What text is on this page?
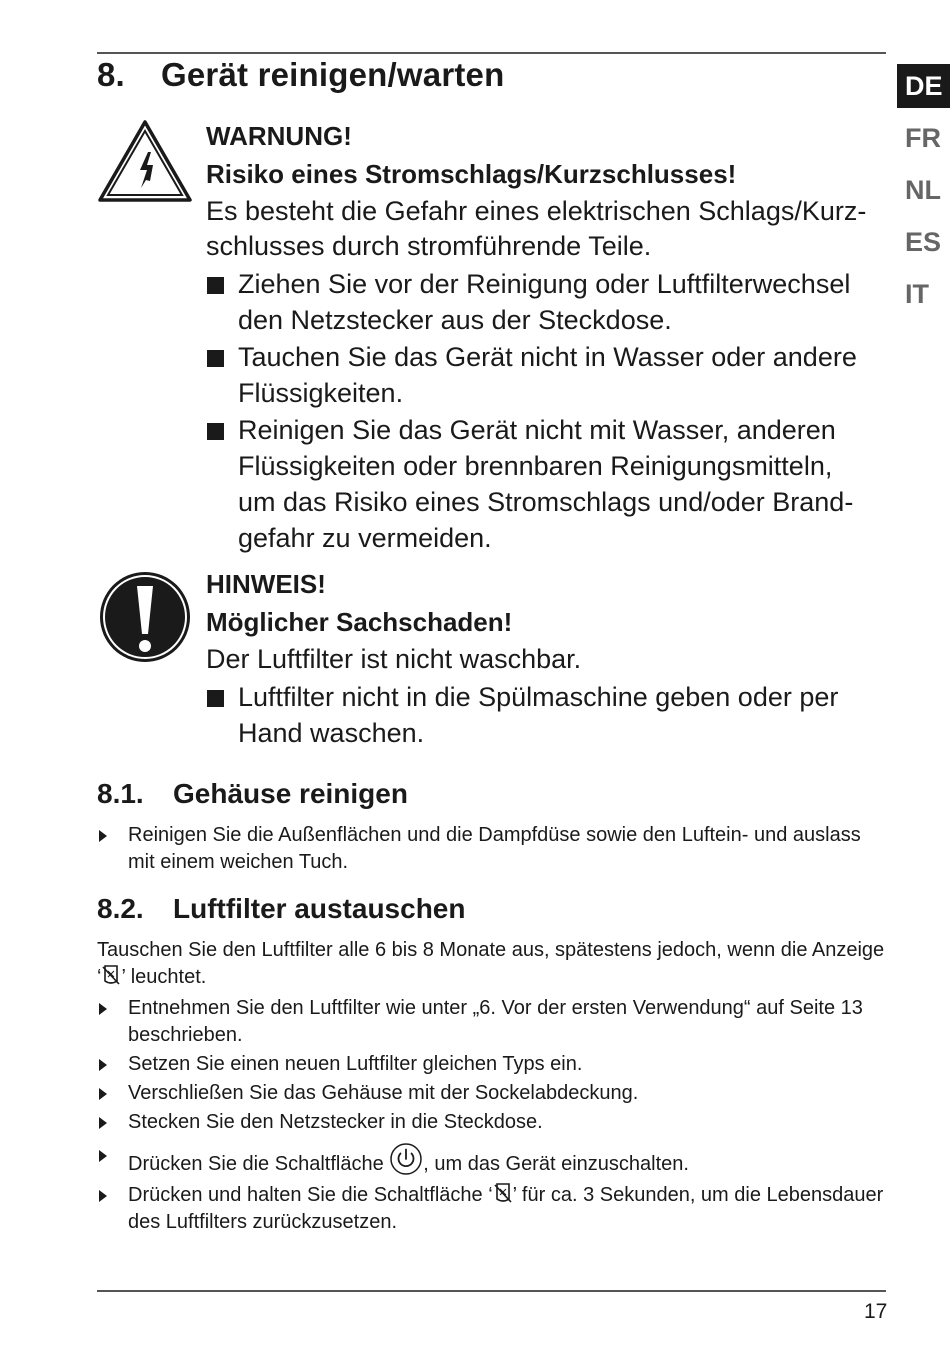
DE
FR
NL
ES
IT
8. Gerät reinigen/warten
WARNUNG!
Risiko eines Stromschlags/Kurzschlusses!
Es besteht die Gefahr eines elektrischen Schlags/Kurzschlusses durch stromführende Teile.
Ziehen Sie vor der Reinigung oder Luftfilterwechsel den Netzstecker aus der Steckdose.
Tauchen Sie das Gerät nicht in Wasser oder andere Flüssigkeiten.
Reinigen Sie das Gerät nicht mit Wasser, anderen Flüssigkeiten oder brennbaren Reinigungsmitteln, um das Risiko eines Stromschlags und/oder Brandgefahr zu vermeiden.
HINWEIS!
Möglicher Sachschaden!
Der Luftfilter ist nicht waschbar.
Luftfilter nicht in die Spülmaschine geben oder per Hand waschen.
8.1. Gehäuse reinigen
Reinigen Sie die Außenflächen und die Dampfdüse sowie den Luftein- und auslass mit einem weichen Tuch.
8.2. Luftfilter austauschen

Tauschen Sie den Luftfilter alle 6 bis 8 Monate aus, spätestens jedoch, wenn die Anzeige ‘ ’ leuchtet.

Entnehmen Sie den Luftfilter wie unter „6. Vor der ersten Verwendung“ auf Seite 13 beschrieben.
Setzen Sie einen neuen Luftfilter gleichen Typs ein.
Verschließen Sie das Gehäuse mit der Sockelabdeckung.
Stecken Sie den Netzstecker in die Steckdose.
Drücken Sie die Schaltfläche , um das Gerät einzuschalten.
Drücken und halten Sie die Schaltfläche ‘ ’ für ca. 3 Sekunden, um die Lebensdauer des Luftfilters zurückzusetzen.
17
